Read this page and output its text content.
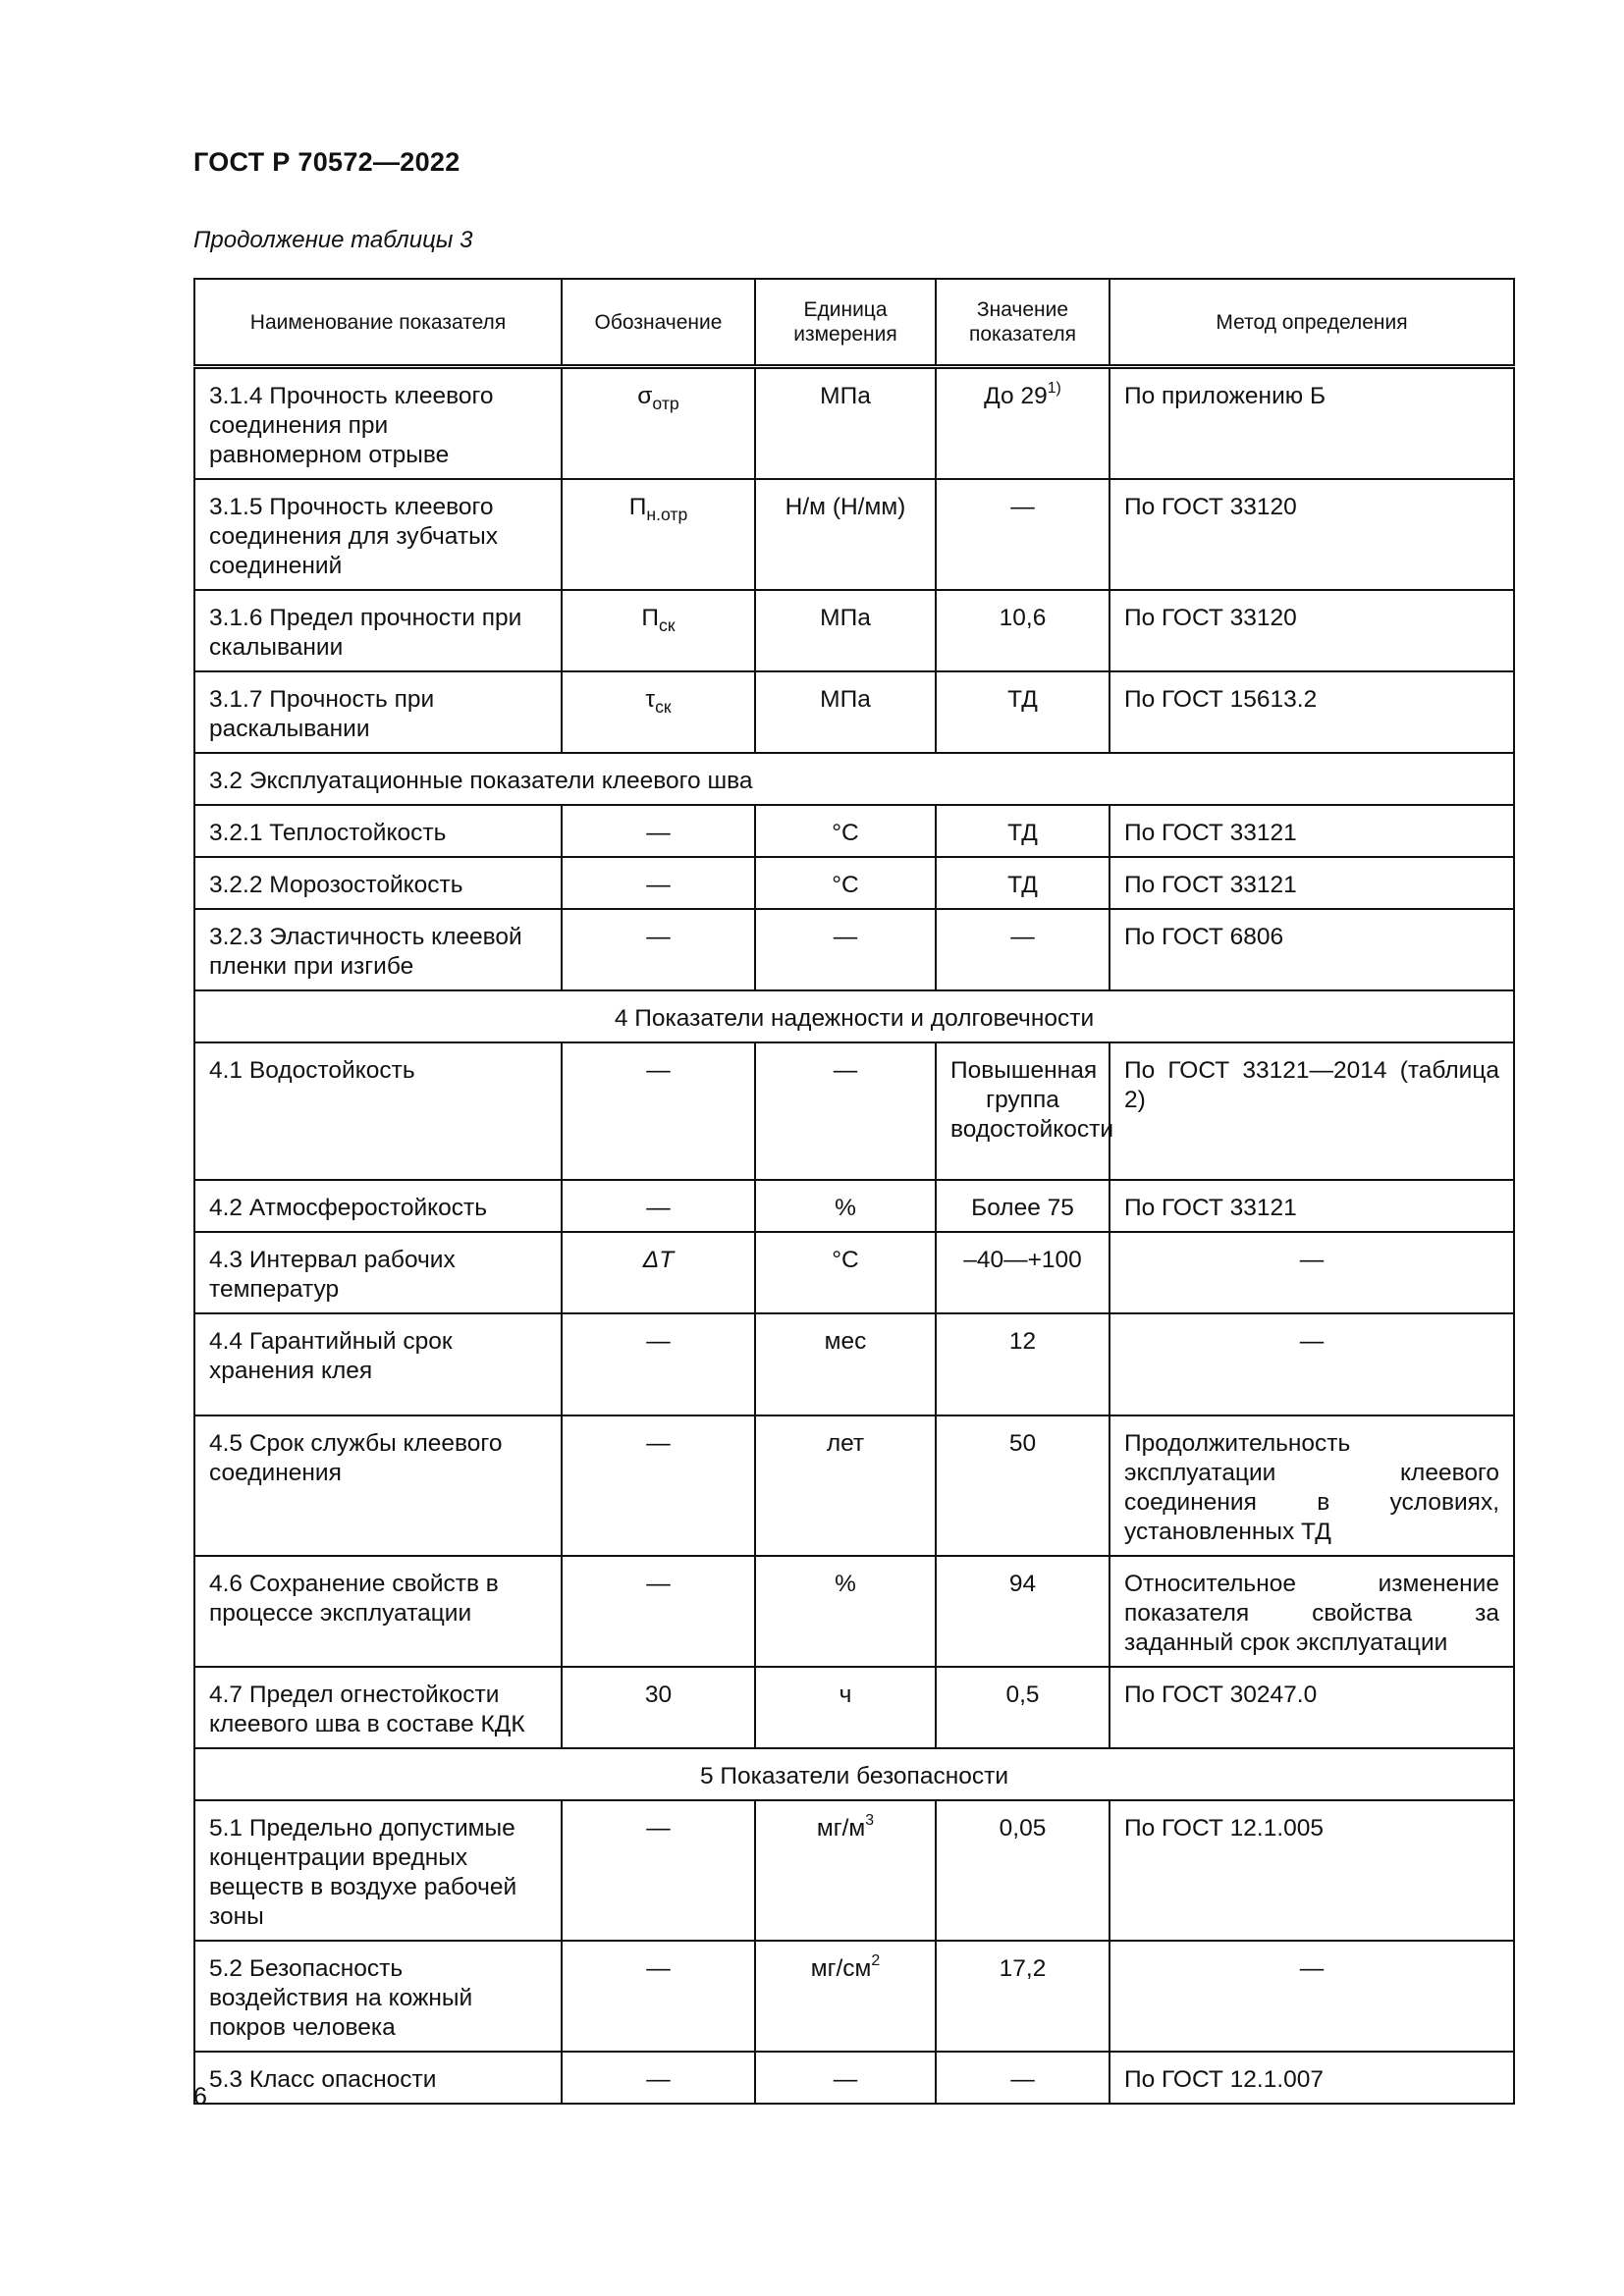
ГОСТ Р 70572—2022
Продолжение таблицы 3
Наименование показателя	Обозначение	Единица измерения	Значение показателя	Метод определения
3.1.4 Прочность клеевого соединения при равномерном отрыве	$\sigma_{отр}$	МПа	До 29$^{1)}$	По приложению Б
3.1.5 Прочность клеевого соединения для зубчатых соединений	$П_{н.отр}$	Н/м (Н/мм)	—	По ГОСТ 33120
3.1.6 Предел прочности при скалывании	$П_{ск}$	МПа	10,6	По ГОСТ 33120
3.1.7 Прочность при раскалывании	$\tau_{ск}$	МПа	ТД	По ГОСТ 15613.2
3.2 Эксплуатационные показатели клеевого шва				
3.2.1 Теплостойкость	—	°С	ТД	По ГОСТ 33121
3.2.2 Морозостойкость	—	°С	ТД	По ГОСТ 33121
3.2.3 Эластичность клеевой пленки при изгибе	—	—	—	По ГОСТ 6806
4 Показатели надежности и долговечности				
4.1 Водостойкость	—	—	Повышенная группа водостойкости	По ГОСТ 33121—2014 (таблица 2)
4.2 Атмосферостойкость	—	%	Более 75	По ГОСТ 33121
4.3 Интервал рабочих температур	ΔT	°С	–40—+100	—
4.4 Гарантийный срок хранения клея	—	мес	12	—
4.5 Срок службы клеевого соединения	—	лет	50	Продолжительность эксплуатации клеевого соединения в условиях, установленных ТД
4.6 Сохранение свойств в процессе эксплуатации	—	%	94	Относительное изменение показателя свойства за заданный срок эксплуатации
4.7 Предел огнестойкости клеевого шва в составе КДК	30	ч	0,5	По ГОСТ 30247.0
5 Показатели безопасности				
5.1 Предельно допустимые концентрации вредных веществ в воздухе рабочей зоны	—	$мг/м^3$	0,05	По ГОСТ 12.1.005
5.2 Безопасность воздействия на кожный покров человека	—	$мг/см^2$	17,2	—
5.3 Класс опасности	—	—	—	По ГОСТ 12.1.007
6
